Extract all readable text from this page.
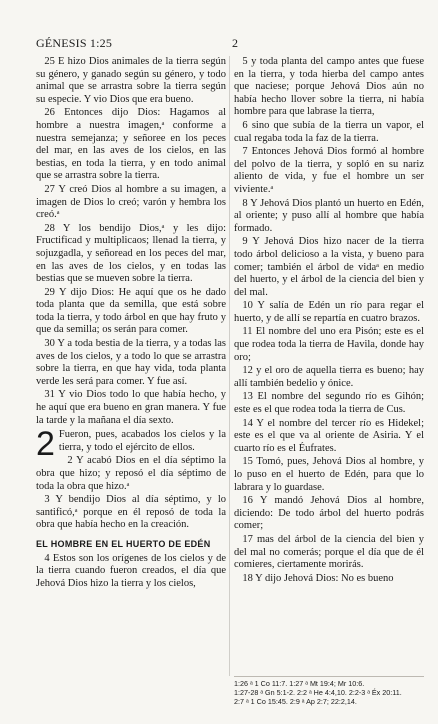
GÉNESIS 1:25	2

25 E hizo Dios animales de la tierra según su género, y ganado según su género, y todo animal que se arrastra sobre la tierra según su especie. Y vio Dios que era bueno.

26 Entonces dijo Dios: Hagamos al hombre a nuestra imagen,ᵃ conforme a nuestra semejanza; y señoree en los peces del mar, en las aves de los cielos, en las bestias, en toda la tierra, y en todo animal que se arrastra sobre la tierra.

27 Y creó Dios al hombre a su imagen, a imagen de Dios lo creó; varón y hembra los creó.ᵃ

28 Y los bendijo Dios,ᵃ y les dijo: Fructificad y multiplicaos; llenad la tierra, y sojuzgadla, y señoread en los peces del mar, en las aves de los cielos, y en todas las bestias que se mueven sobre la tierra.

29 Y dijo Dios: He aquí que os he dado toda planta que da semilla, que está sobre toda la tierra, y todo árbol en que hay fruto y que da semilla; os serán para comer.

30 Y a toda bestia de la tierra, y a todas las aves de los cielos, y a todo lo que se arrastra sobre la tierra, en que hay vida, toda planta verde les será para comer. Y fue así.

31 Y vio Dios todo lo que había hecho, y he aquí que era bueno en gran manera. Y fue la tarde y la mañana el día sexto.

2 Fueron, pues, acabados los cielos y la tierra, y todo el ejército de ellos.

2 Y acabó Dios en el día séptimo la obra que hizo; y reposó el día séptimo de toda la obra que hizo.ᵃ

3 Y bendijo Dios al día séptimo, y lo santificó,ᵃ porque en él reposó de toda la obra que había hecho en la creación.

EL HOMBRE EN EL HUERTO DE EDÉN

4 Estos son los orígenes de los cielos y de la tierra cuando fueron creados, el día que Jehová Dios hizo la tierra y los cielos,

5 y toda planta del campo antes que fuese en la tierra, y toda hierba del campo antes que naciese; porque Jehová Dios aún no había hecho llover sobre la tierra, ni había hombre para que labrase la tierra,

6 sino que subía de la tierra un vapor, el cual regaba toda la faz de la tierra.

7 Entonces Jehová Dios formó al hombre del polvo de la tierra, y sopló en su nariz aliento de vida, y fue el hombre un ser viviente.ᵃ

8 Y Jehová Dios plantó un huerto en Edén, al oriente; y puso allí al hombre que había formado.

9 Y Jehová Dios hizo nacer de la tierra todo árbol delicioso a la vista, y bueno para comer; también el árbol de vidaᵃ en medio del huerto, y el árbol de la ciencia del bien y del mal.

10 Y salía de Edén un río para regar el huerto, y de allí se repartía en cuatro brazos.

11 El nombre del uno era Pisón; este es el que rodea toda la tierra de Havila, donde hay oro;

12 y el oro de aquella tierra es bueno; hay allí también bedelio y ónice.

13 El nombre del segundo río es Gihón; este es el que rodea toda la tierra de Cus.

14 Y el nombre del tercer río es Hidekel; este es el que va al oriente de Asiria. Y el cuarto río es el Éufrates.

15 Tomó, pues, Jehová Dios al hombre, y lo puso en el huerto de Edén, para que lo labrara y lo guardase.

16 Y mandó Jehová Dios al hombre, diciendo: De todo árbol del huerto podrás comer;

17 mas del árbol de la ciencia del bien y del mal no comerás; porque el día que de él comieres, ciertamente morirás.

18 Y dijo Jehová Dios: No es bueno

1:26 ᵃ 1 Co 11:7. 1:27 ᵃ Mt 19:4; Mr 10:6.
1:27-28 ᵃ Gn 5:1-2. 2:2 ᵃ He 4:4,10. 2:2-3 ᵃ Éx 20:11.
2:7 ᵃ 1 Co 15:45. 2:9 ᵃ Ap 2:7; 22:2,14.
